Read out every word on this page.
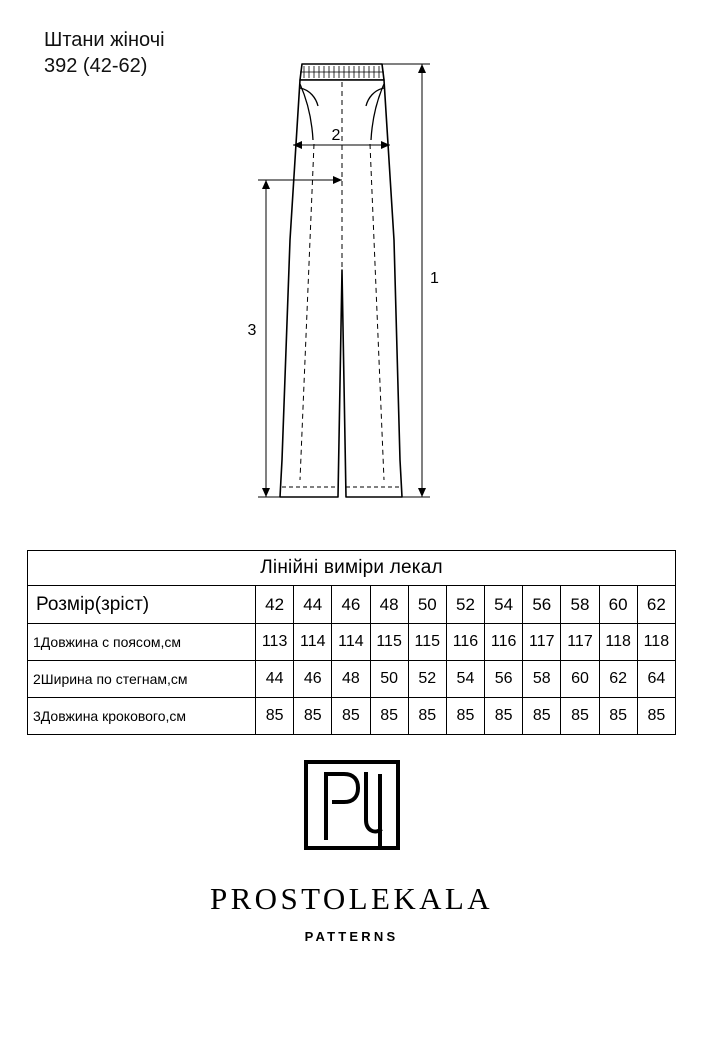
Штани жіночі
392 (42-62)
1
2
3
Лінійні виміри лекал											
Розмір(зріст)	42	44	46	48	50	52	54	56	58	60	62
1Довжина с поясом,см	113	114	114	115	115	116	116	117	117	118	118
2Ширина по стегнам,см	44	46	48	50	52	54	56	58	60	62	64
3Довжина крокового,см	85	85	85	85	85	85	85	85	85	85	85
PROSTOLEKALA
PATTERNS
